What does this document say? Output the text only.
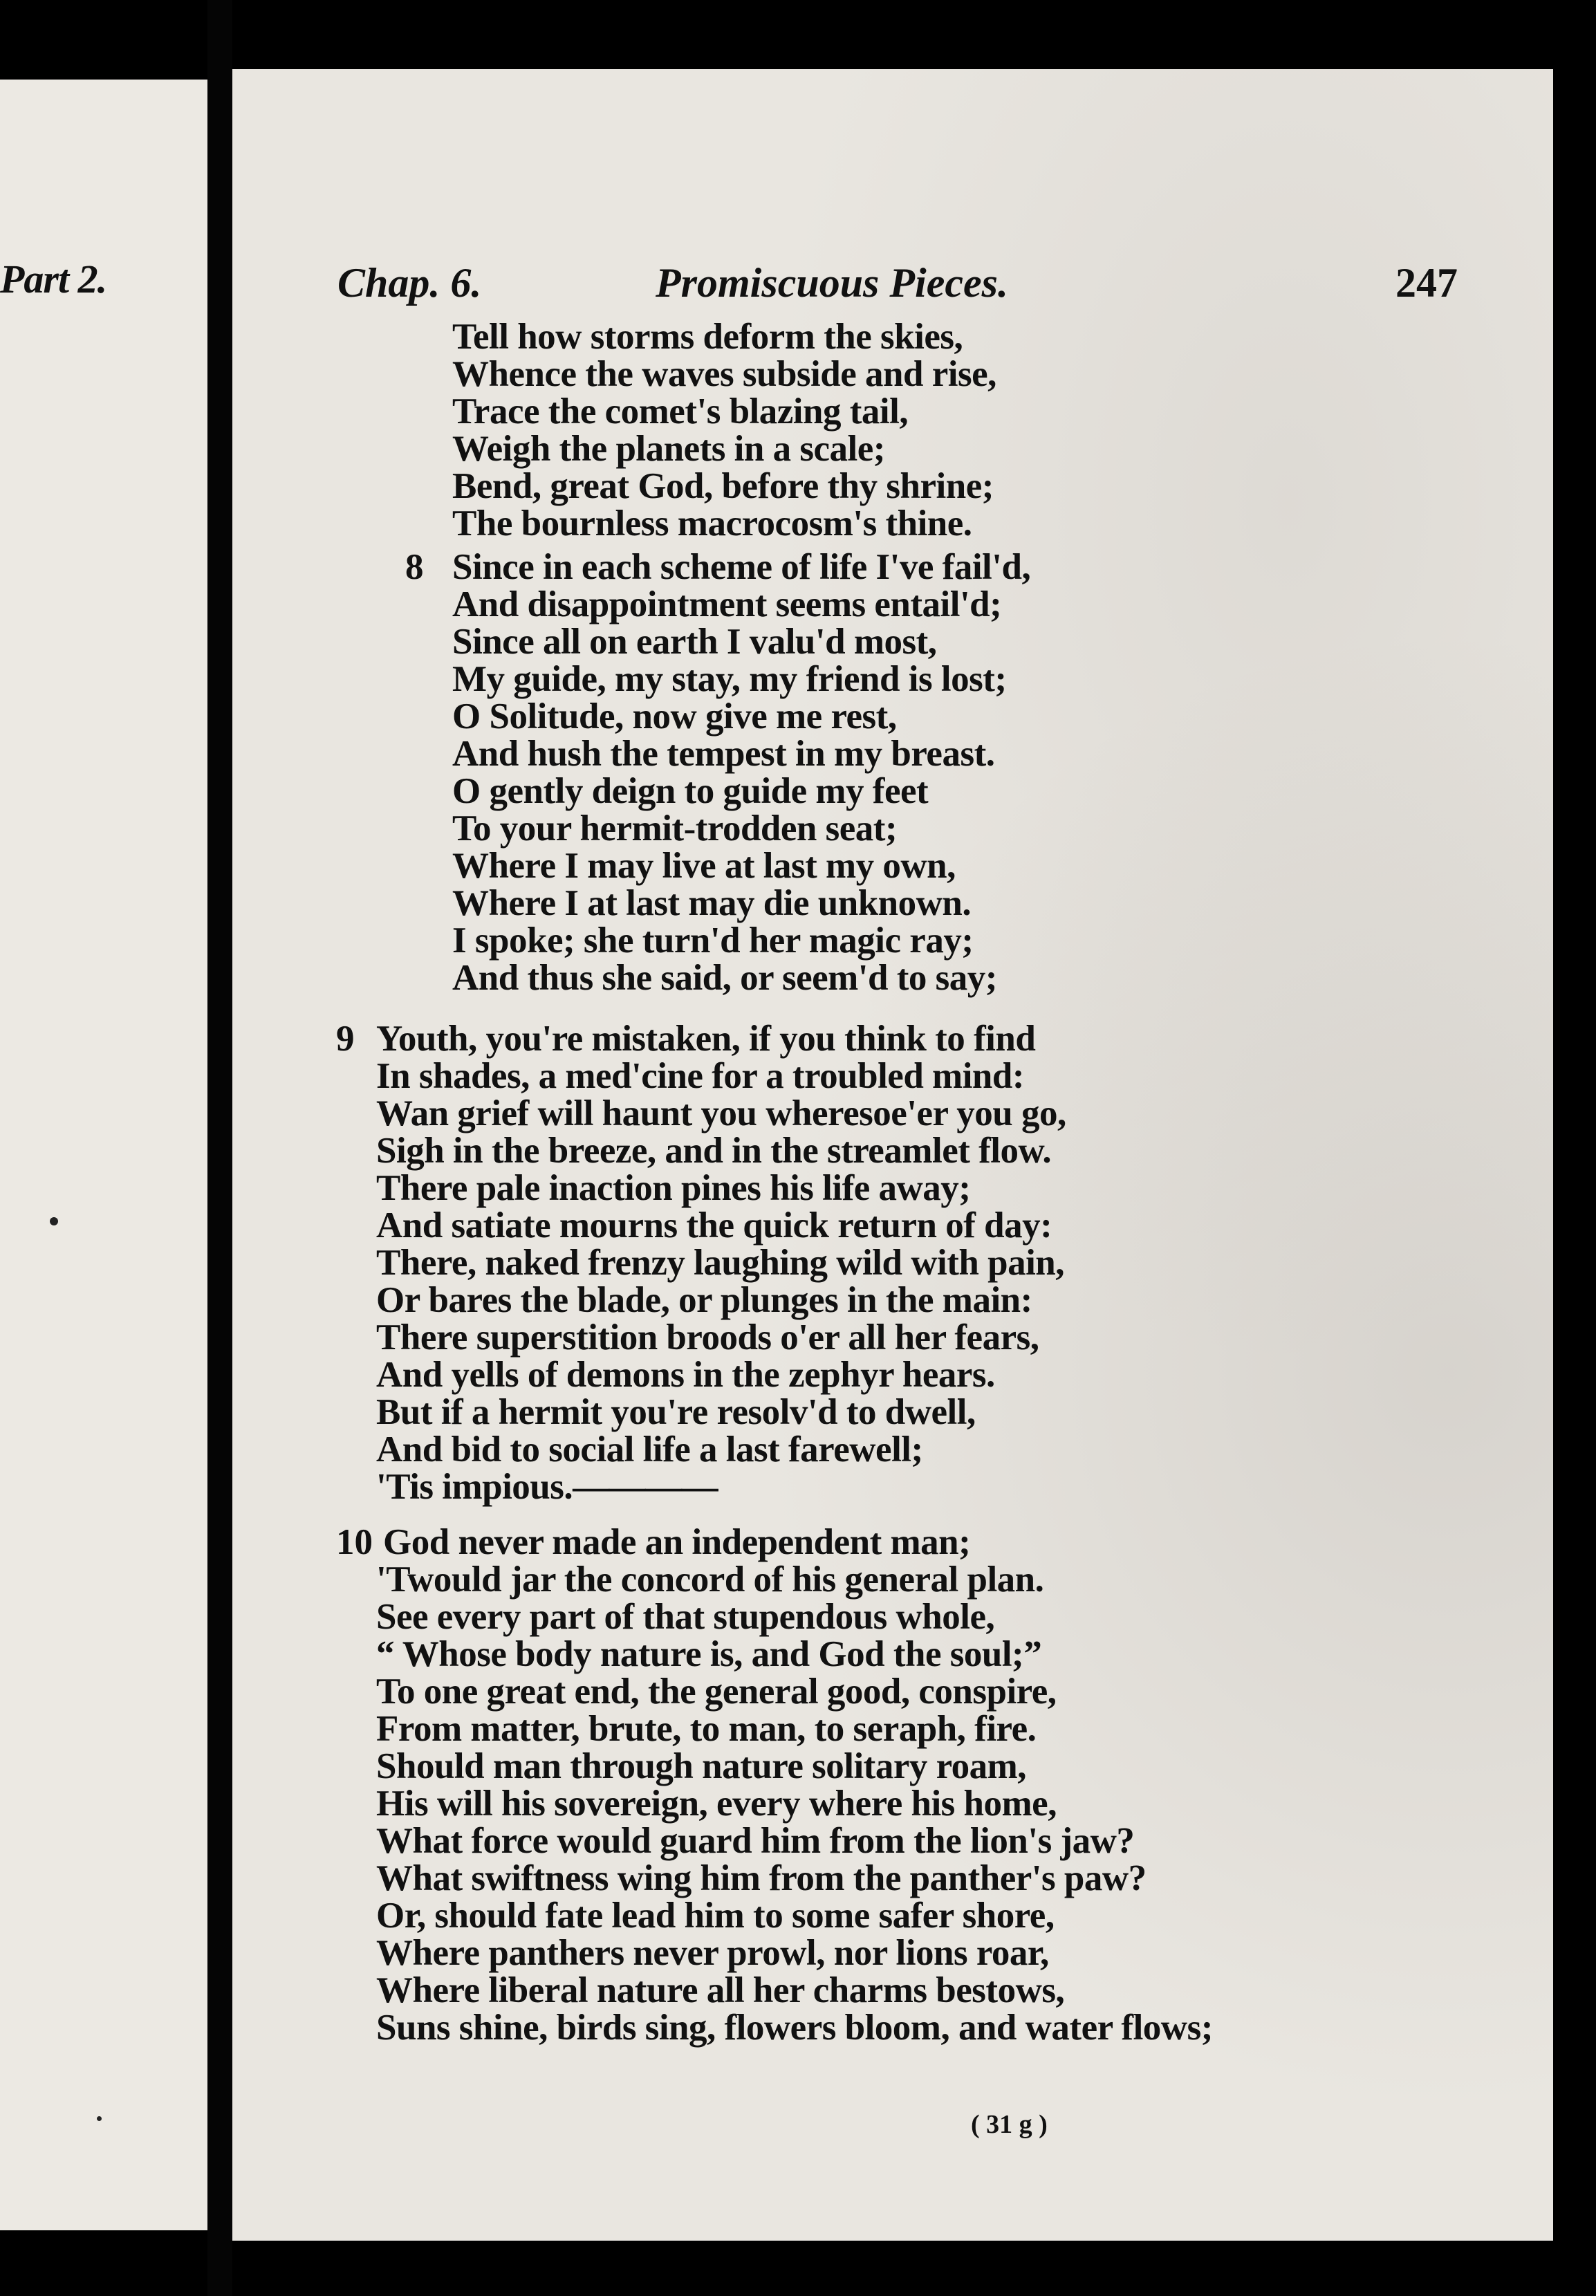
Part 2.	Chap. 6.	Promiscuous Pieces.	247
Tell how storms deform the skies,
Whence the waves subside and rise,
Trace the comet's blazing tail,
Weigh the planets in a scale;
Bend, great God, before thy shrine;
The bournless macrocosm's thine.
8 Since in each scheme of life I've fail'd,
And disappointment seems entail'd;
Since all on earth I valu'd most,
My guide, my stay, my friend is lost;
O Solitude, now give me rest,
And hush the tempest in my breast.
O gently deign to guide my feet
To your hermit-trodden seat;
Where I may live at last my own,
Where I at last may die unknown.
I spoke; she turn'd her magic ray;
And thus she said, or seem'd to say;
9 Youth, you're mistaken, if you think to find
In shades, a med'cine for a troubled mind:
Wan grief will haunt you wheresoe'er you go,
Sigh in the breeze, and in the streamlet flow.
There pale inaction pines his life away;
And satiate mourns the quick return of day:
There, naked frenzy laughing wild with pain,
Or bares the blade, or plunges in the main:
There superstition broods o'er all her fears,
And yells of demons in the zephyr hears.
But if a hermit you're resolv'd to dwell,
And bid to social life a last farewell;
'Tis impious.————
10 God never made an independent man;
'Twould jar the concord of his general plan.
See every part of that stupendous whole,
“ Whose body nature is, and God the soul;”
To one great end, the general good, conspire,
From matter, brute, to man, to seraph, fire.
Should man through nature solitary roam,
His will his sovereign, every where his home,
What force would guard him from the lion's jaw?
What swiftness wing him from the panther's paw?
Or, should fate lead him to some safer shore,
Where panthers never prowl, nor lions roar,
Where liberal nature all her charms bestows,
Suns shine, birds sing, flowers bloom, and water flows;
( 31 g )
